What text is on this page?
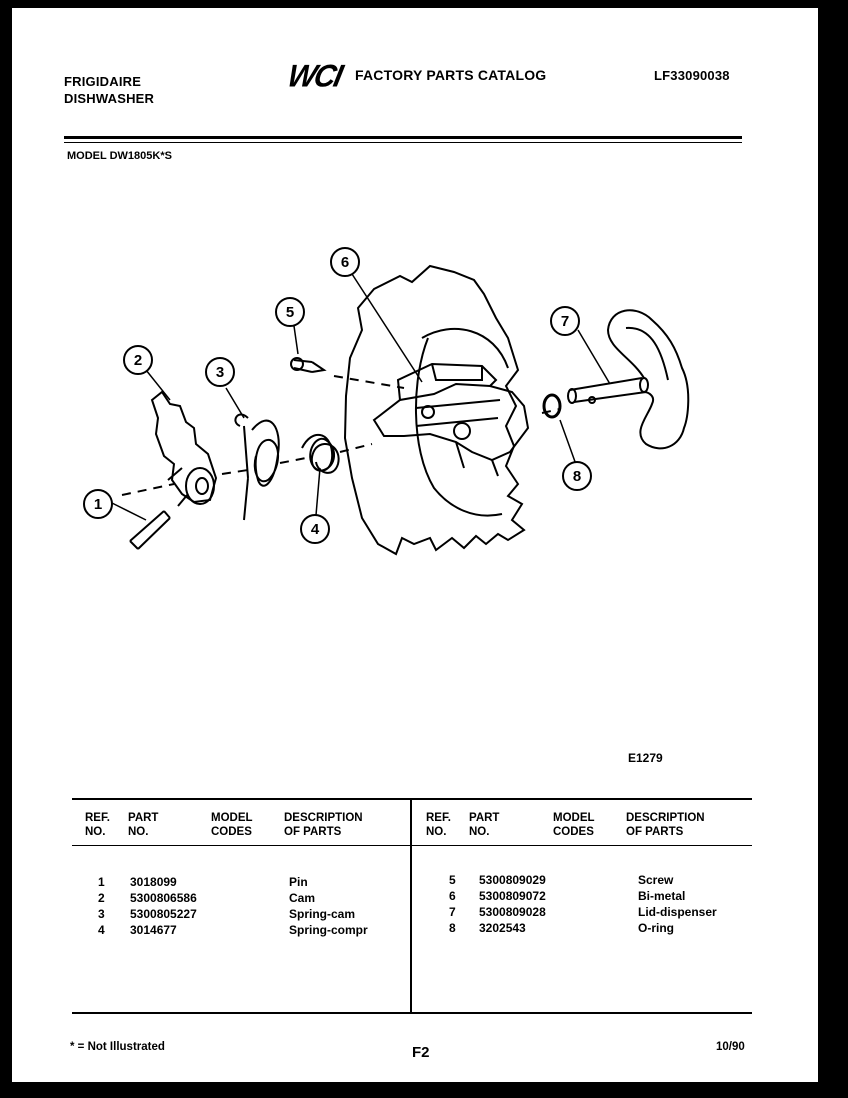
FRIGIDAIRE
DISHWASHER
WCI FACTORY PARTS CATALOG	LF33090038
MODEL DW1805K*S
1
2
3
4
5
6
7
8
E1279
REF.
NO.
PART
NO.
MODEL
CODES
DESCRIPTION
OF PARTS
REF.
NO.
PART
NO.
MODEL
CODES
DESCRIPTION
OF PARTS
1 3018099	Pin
2 5300806586	Cam
3 5300805227	Spring-cam
4 3014677	Spring-compr
5 5300809029	Screw
6 5300809072	Bi-metal
7 5300809028	Lid-dispenser
8 3202543	O-ring
* = Not Illustrated	F2	10/90
